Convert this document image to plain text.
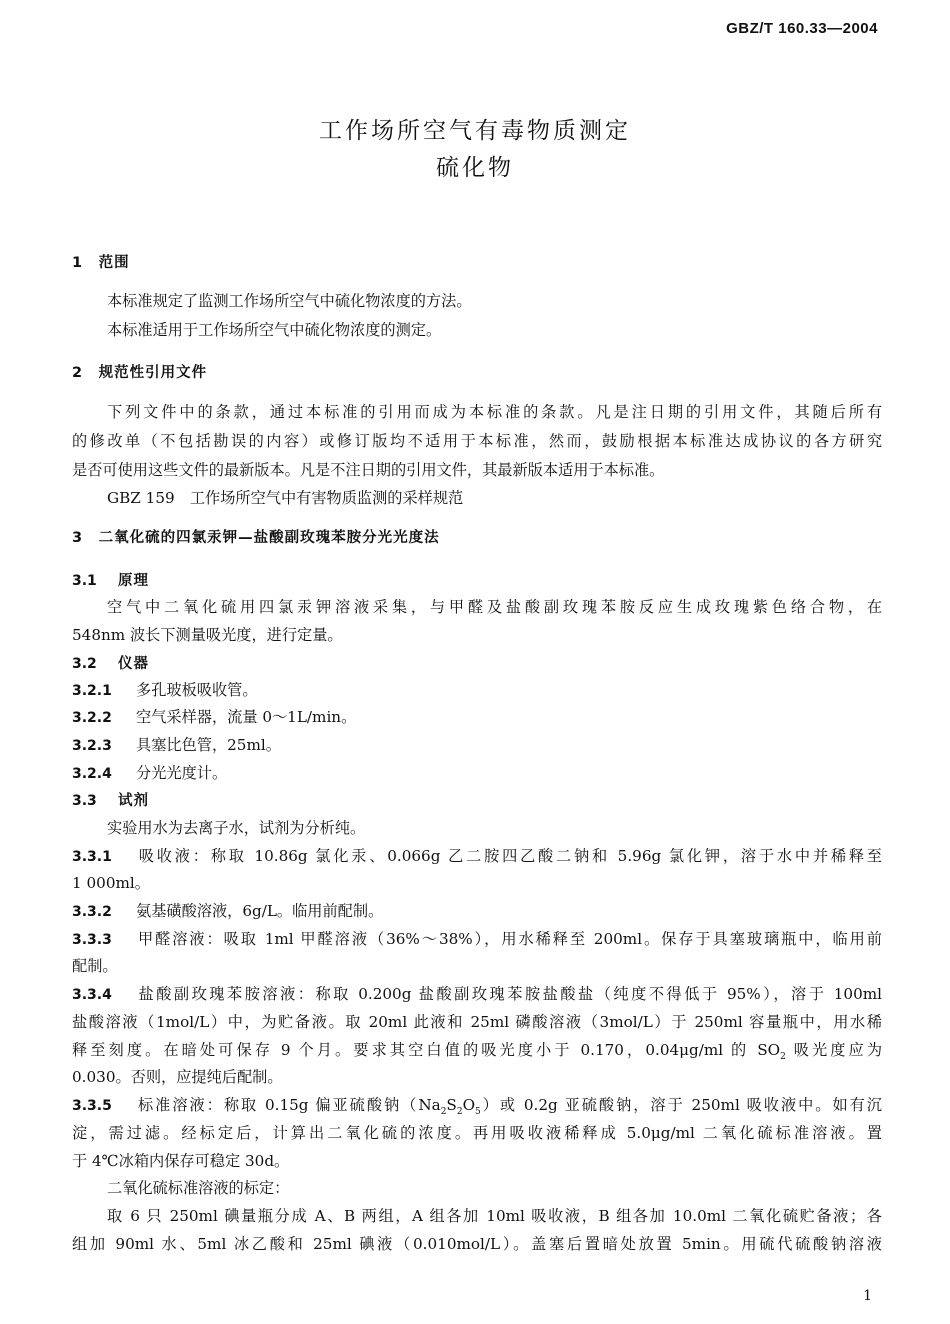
GBZ/T 160.33—2004
工作场所空气有毒物质测定
硫化物
1　范围
本标准规定了监测工作场所空气中硫化物浓度的方法。
本标准适用于工作场所空气中硫化物浓度的测定。
2　规范性引用文件
下列文件中的条款，通过本标准的引用而成为本标准的条款。凡是注日期的引用文件，其随后所有
的修改单（不包括勘误的内容）或修订版均不适用于本标准，然而，鼓励根据本标准达成协议的各方研究
是否可使用这些文件的最新版本。凡是不注日期的引用文件，其最新版本适用于本标准。
GBZ 159　工作场所空气中有害物质监测的采样规范
3　二氧化硫的四氯汞钾—盐酸副玫瑰苯胺分光光度法
3.1 原理
空气中二氧化硫用四氯汞钾溶液采集，与甲醛及盐酸副玫瑰苯胺反应生成玫瑰紫色络合物，在
548nm 波长下测量吸光度，进行定量。
3.2 仪器
3.2.1 多孔玻板吸收管。
3.2.2 空气采样器，流量 0～1L/min。
3.2.3 具塞比色管，25ml。
3.2.4 分光光度计。
3.3 试剂
实验用水为去离子水，试剂为分析纯。
3.3.1 吸收液：称取 10.86g 氯化汞、0.066g 乙二胺四乙酸二钠和 5.96g 氯化钾，溶于水中并稀释至
1 000ml。
3.3.2 氨基磺酸溶液，6g/L。临用前配制。
3.3.3 甲醛溶液：吸取 1ml 甲醛溶液（36%～38%），用水稀释至 200ml。保存于具塞玻璃瓶中，临用前
配制。
3.3.4 盐酸副玫瑰苯胺溶液：称取 0.200g 盐酸副玫瑰苯胺盐酸盐（纯度不得低于 95%），溶于 100ml
盐酸溶液（1mol/L）中，为贮备液。取 20ml 此液和 25ml 磷酸溶液（3mol/L）于 250ml 容量瓶中，用水稀
释至刻度。在暗处可保存 9 个月。要求其空白值的吸光度小于 0.170，0.04μg/ml 的 $SO_2$ 吸光度应为
0.030。否则，应提纯后配制。
3.3.5 标准溶液：称取 0.15g 偏亚硫酸钠$(Na_2S_2O_5)$或 0.2g 亚硫酸钠，溶于 250ml 吸收液中。如有沉
淀，需过滤。经标定后，计算出二氧化硫的浓度。再用吸收液稀释成 5.0μg/ml 二氧化硫标准溶液。置
于 4℃冰箱内保存可稳定 30d。
二氧化硫标准溶液的标定：
取 6 只 250ml 碘量瓶分成 A、B 两组，A 组各加 10ml 吸收液，B 组各加 10.0ml 二氧化硫贮备液；各
组加 90ml 水、5ml 冰乙酸和 25ml 碘液（0.010mol/L）。盖塞后置暗处放置 5min。用硫代硫酸钠溶液
1
